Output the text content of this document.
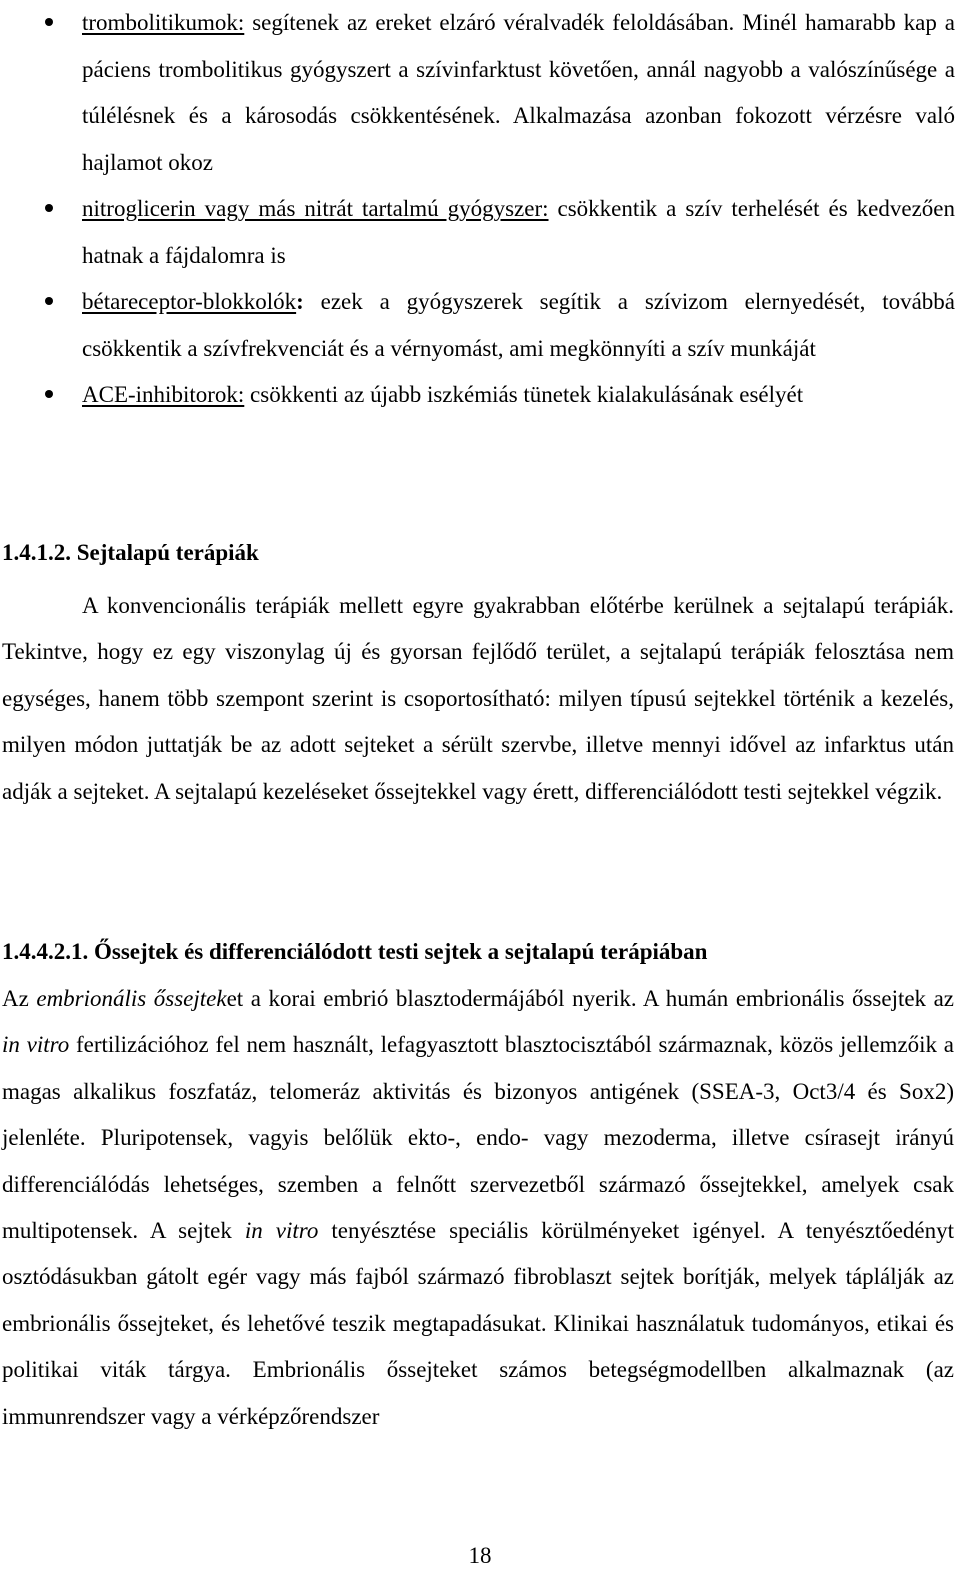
trombolitikumok: segítenek az ereket elzáró véralvadék feloldásában. Minél hamarabb kap a páciens trombolitikus gyógyszert a szívinfarktust követően, annál nagyobb a valószínűsége a túlélésnek és a károsodás csökkentésének. Alkalmazása azonban fokozott vérzésre való hajlamot okoz
nitroglicerin vagy más nitrát tartalmú gyógyszer: csökkentik a szív terhelését és kedvezően hatnak a fájdalomra is
bétareceptor-blokkolók: ezek a gyógyszerek segítik a szívizom elernyedését, továbbá csökkentik a szívfrekvenciát és a vérnyomást, ami megkönnyíti a szív munkáját
ACE-inhibitorok: csökkenti az újabb iszkémiás tünetek kialakulásának esélyét
1.4.1.2. Sejtalapú terápiák

A konvencionális terápiák mellett egyre gyakrabban előtérbe kerülnek a sejtalapú terápiák. Tekintve, hogy ez egy viszonylag új és gyorsan fejlődő terület, a sejtalapú terápiák felosztása nem egységes, hanem több szempont szerint is csoportosítható: milyen típusú sejtekkel történik a kezelés, milyen módon juttatják be az adott sejteket a sérült szervbe, illetve mennyi idővel az infarktus után adják a sejteket. A sejtalapú kezeléseket őssejtekkel vagy érett, differenciálódott testi sejtekkel végzik.

1.4.4.2.1. Őssejtek és differenciálódott testi sejtek a sejtalapú terápiában

Az embrionális őssejteket a korai embrió blasztodermájából nyerik. A humán embrionális őssejtek az in vitro fertilizációhoz fel nem használt, lefagyasztott blasztocisztából származnak, közös jellemzőik a magas alkalikus foszfatáz, telomeráz aktivitás és bizonyos antigének (SSEA-3, Oct3/4 és Sox2) jelenléte. Pluripotensek, vagyis belőlük ekto-, endo- vagy mezoderma, illetve csírasejt irányú differenciálódás lehetséges, szemben a felnőtt szervezetből származó őssejtekkel, amelyek csak multipotensek. A sejtek in vitro tenyésztése speciális körülményeket igényel. A tenyésztőedényt osztódásukban gátolt egér vagy más fajból származó fibroblaszt sejtek borítják, melyek táplálják az embrionális őssejteket, és lehetővé teszik megtapadásukat. Klinikai használatuk tudományos, etikai és politikai viták tárgya. Embrionális őssejteket számos betegségmodellben alkalmaznak (az immunrendszer vagy a vérképzőrendszer

18
